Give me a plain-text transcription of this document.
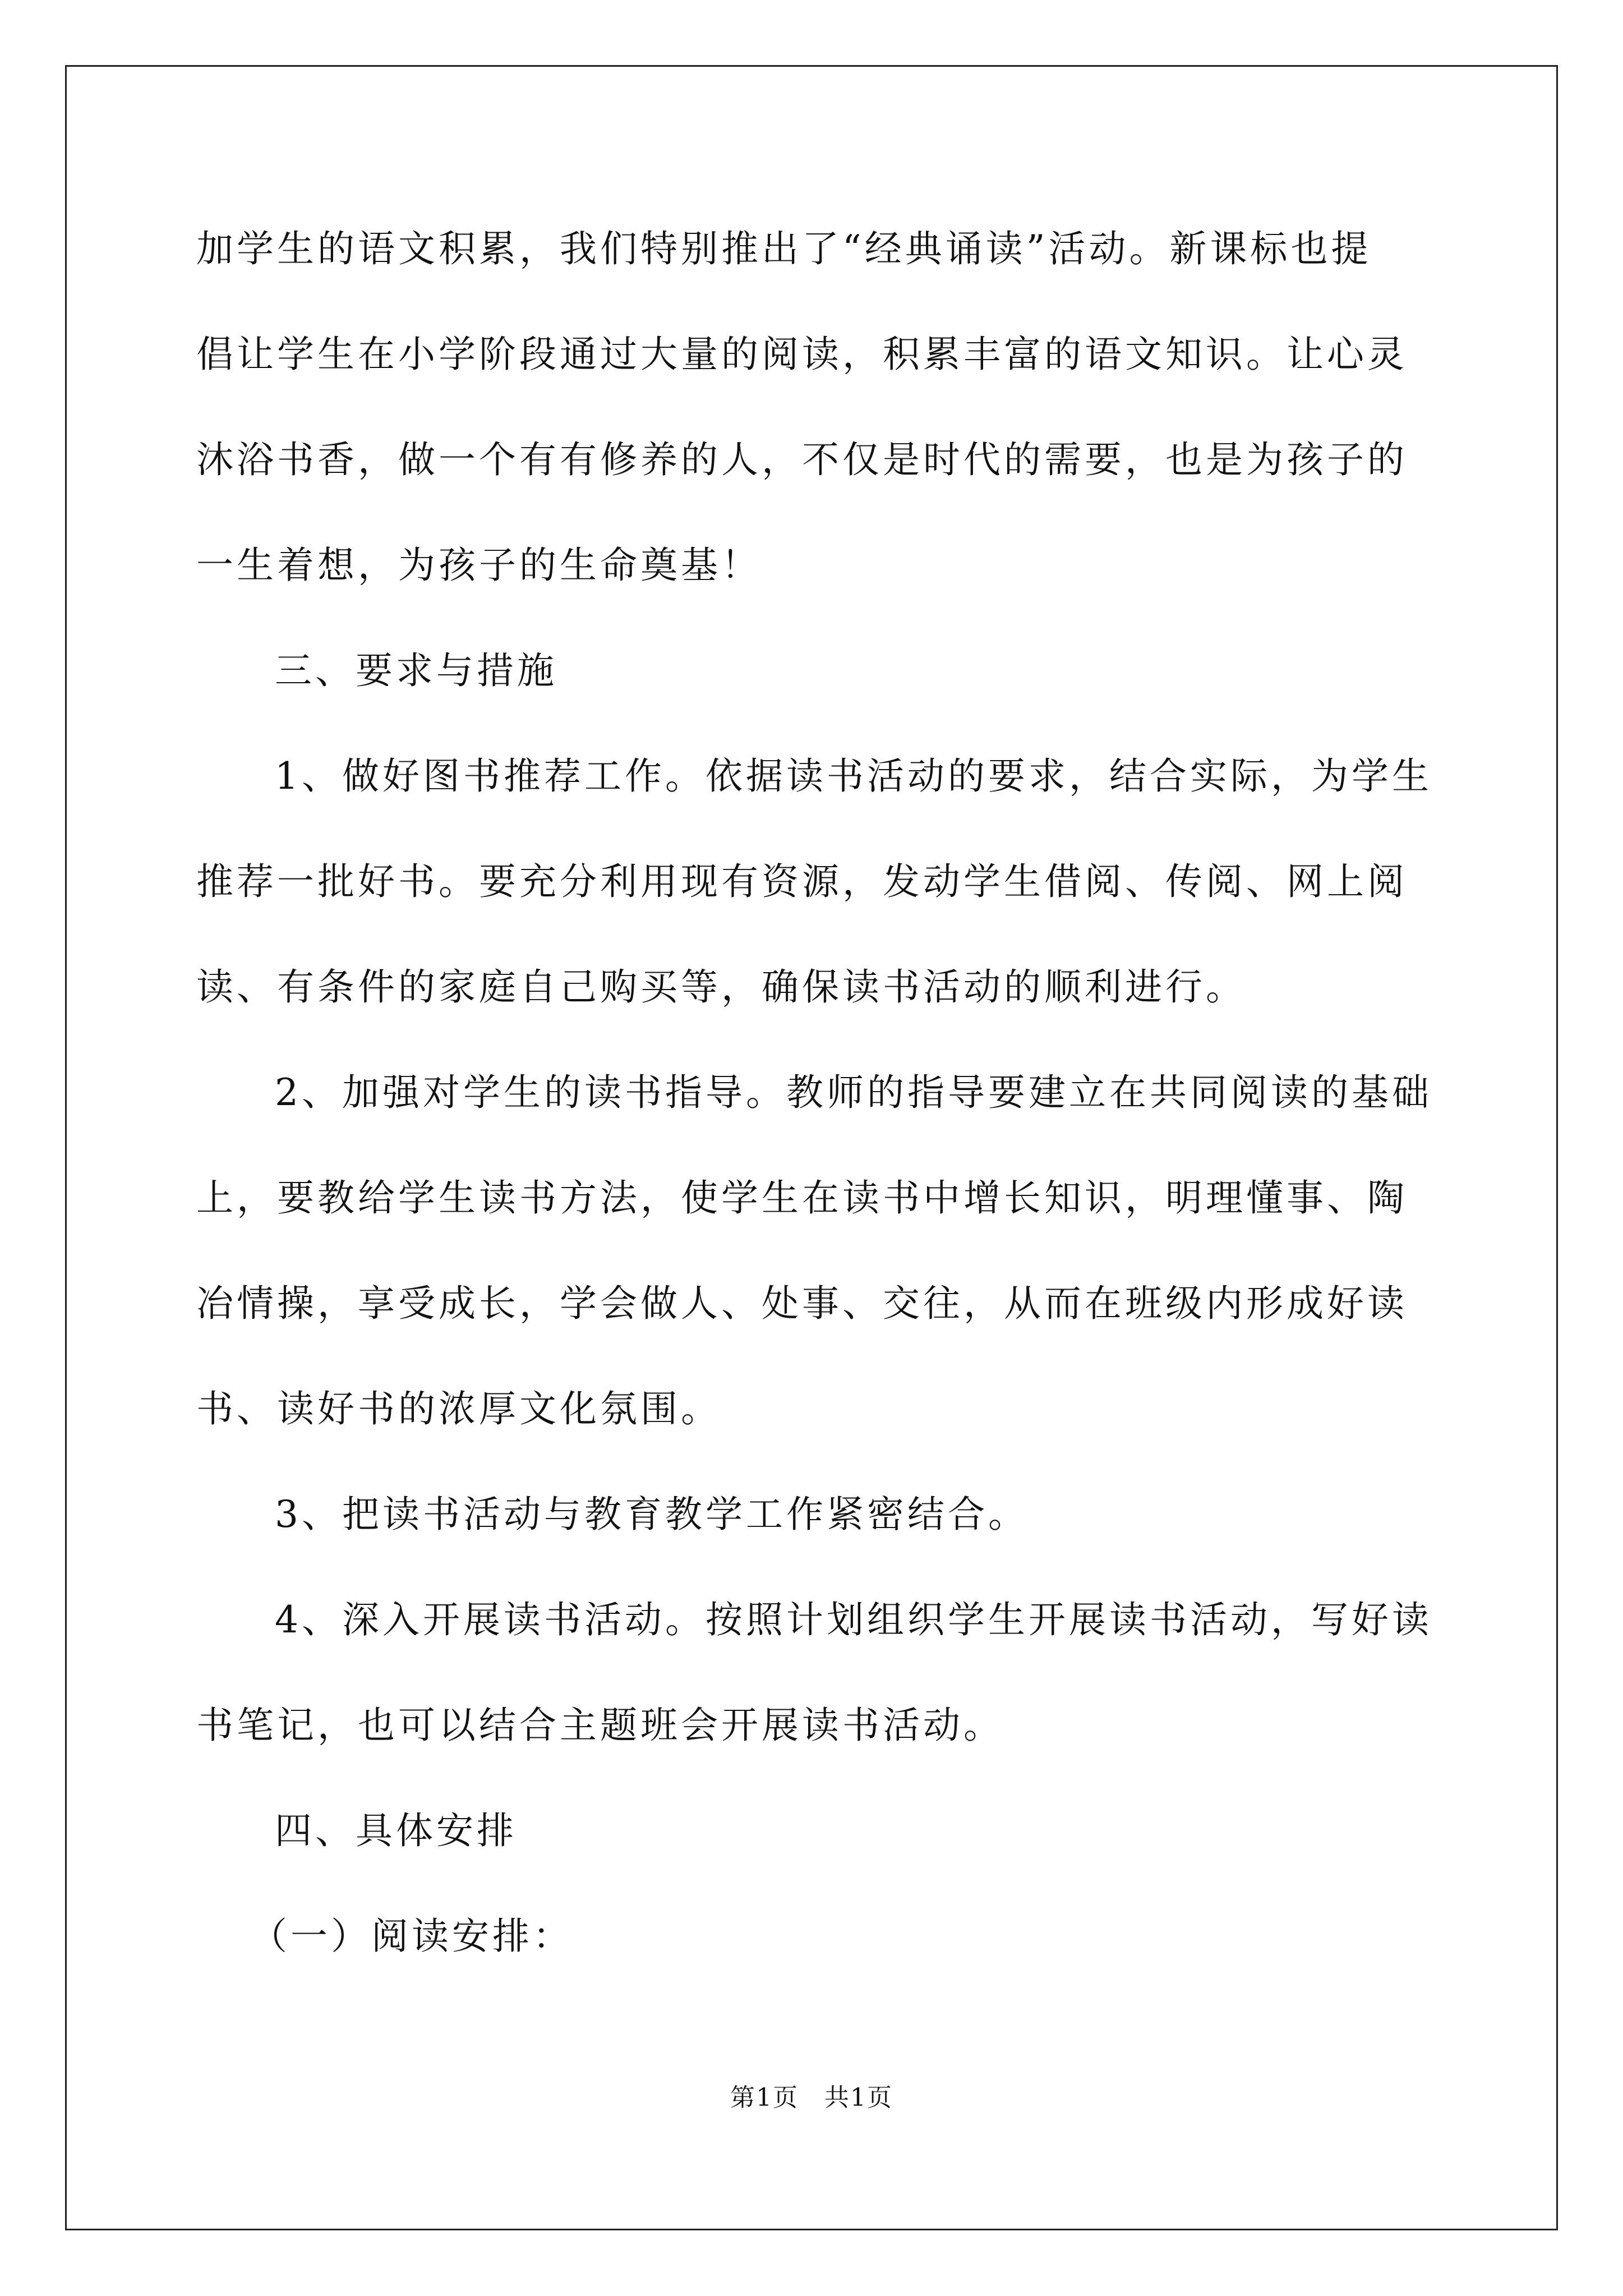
加学生的语文积累，我们特别推出了“经典诵读”活动。新课标也提
倡让学生在小学阶段通过大量的阅读，积累丰富的语文知识。让心灵
沐浴书香，做一个有有修养的人，不仅是时代的需要，也是为孩子的
一生着想，为孩子的生命奠基！
三、要求与措施
1、做好图书推荐工作。依据读书活动的要求，结合实际，为学生
推荐一批好书。要充分利用现有资源，发动学生借阅、传阅、网上阅
读、有条件的家庭自己购买等，确保读书活动的顺利进行。
2、加强对学生的读书指导。教师的指导要建立在共同阅读的基础
上，要教给学生读书方法，使学生在读书中增长知识，明理懂事、陶
冶情操，享受成长，学会做人、处事、交往，从而在班级内形成好读
书、读好书的浓厚文化氛围。
3、把读书活动与教育教学工作紧密结合。
4、深入开展读书活动。按照计划组织学生开展读书活动，写好读
书笔记，也可以结合主题班会开展读书活动。
四、具体安排
（一）阅读安排：
第1页　共1页
